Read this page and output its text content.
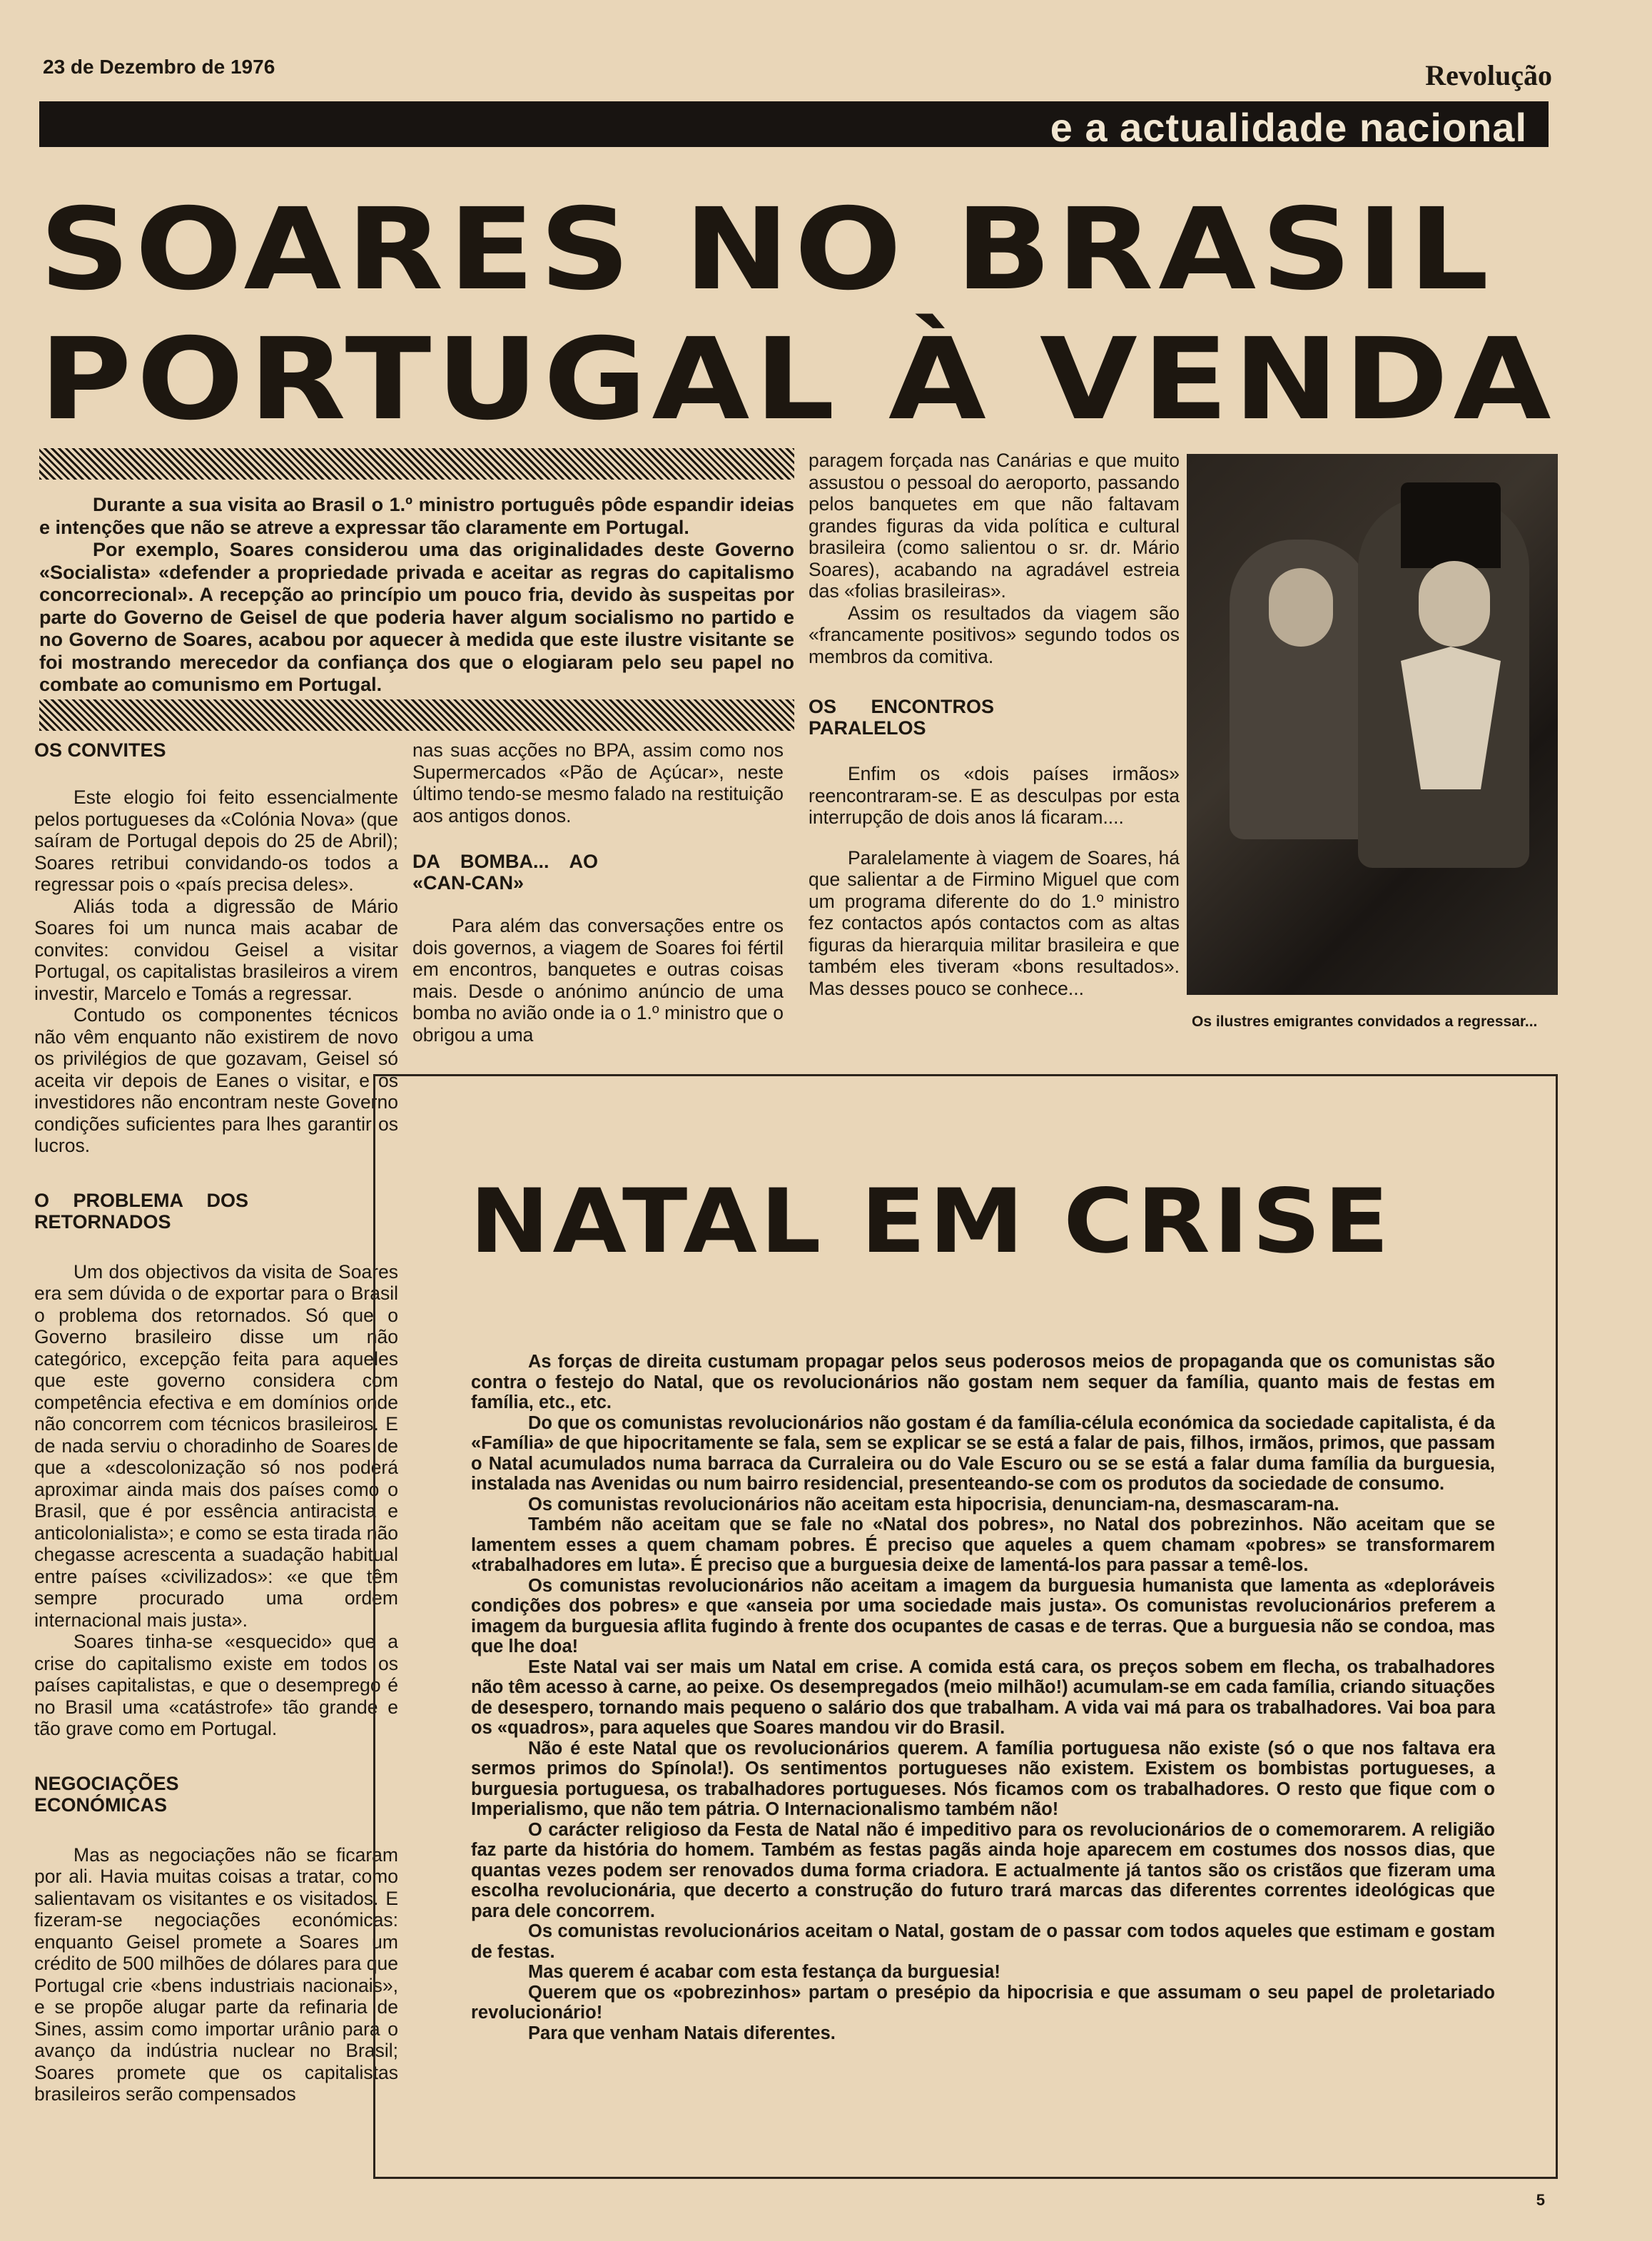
23 de Dezembro de 1976	Revolução
e a actualidade nacional
SOARES NO BRASIL
PORTUGAL À VENDA

Durante a sua visita ao Brasil o 1.º ministro português pôde espandir ideias e intenções que não se atreve a expressar tão claramente em Portugal.

Por exemplo, Soares considerou uma das originalidades deste Governo «Socialista» «defender a propriedade privada e aceitar as regras do capitalismo concorrecional». A recepção ao princípio um pouco fria, devido às suspeitas por parte do Governo de Geisel de que poderia haver algum socialismo no partido e no Governo de Soares, acabou por aquecer à medida que este ilustre visitante se foi mostrando merecedor da confiança dos que o elogiaram pelo seu papel no combate ao comunismo em Portugal.

OS CONVITES

Este elogio foi feito essencialmente pelos portugueses da «Colónia Nova» (que saíram de Portugal depois do 25 de Abril); Soares retribui convidando-os todos a regressar pois o «país precisa deles».

Aliás toda a digressão de Mário Soares foi um nunca mais acabar de convites: convidou Geisel a visitar Portugal, os capitalistas brasileiros a virem investir, Marcelo e Tomás a regressar.

Contudo os componentes técnicos não vêm enquanto não existirem de novo os privilégios de que gozavam, Geisel só aceita vir depois de Eanes o visitar, e os investidores não encontram neste Governo condições suficientes para lhes garantir os lucros.

O PROBLEMA DOS RETORNADOS

Um dos objectivos da visita de Soares era sem dúvida o de exportar para o Brasil o problema dos retornados. Só que o Governo brasileiro disse um não categórico, excepção feita para aqueles que este governo considera com competência efectiva e em domínios onde não concorrem com técnicos brasileiros. E de nada serviu o choradinho de Soares de que a «descolonização só nos poderá aproximar ainda mais dos países como o Brasil, que é por essência antiracista e anticolonialista»; e como se esta tirada não chegasse acrescenta a suadação habitual entre países «civilizados»: «e que têm sempre procurado uma ordem internacional mais justa».

Soares tinha-se «esquecido» que a crise do capitalismo existe em todos os países capitalistas, e que o desemprego é no Brasil uma «catástrofe» tão grande e tão grave como em Portugal.

NEGOCIAÇÕES ECONÓMICAS

Mas as negociações não se ficaram por ali. Havia muitas coisas a tratar, como salientavam os visitantes e os visitados. E fizeram-se negociações económicas: enquanto Geisel promete a Soares um crédito de 500 milhões de dólares para que Portugal crie «bens industriais nacionais», e se propõe alugar parte da refinaria de Sines, assim como importar urânio para o avanço da indústria nuclear no Brasil; Soares promete que os capitalistas brasileiros serão compensados

nas suas acções no BPA, assim como nos Supermercados «Pão de Açúcar», neste último tendo-se mesmo falado na restituição aos antigos donos.

DA BOMBA... AO «CAN-CAN»

Para além das conversações entre os dois governos, a viagem de Soares foi fértil em encontros, banquetes e outras coisas mais. Desde o anónimo anúncio de uma bomba no avião onde ia o 1.º ministro que o obrigou a uma

paragem forçada nas Canárias e que muito assustou o pessoal do aeroporto, passando pelos banquetes em que não faltavam grandes figuras da vida política e cultural brasileira (como salientou o sr. dr. Mário Soares), acabando na agradável estreia das «folias brasileiras».

Assim os resultados da viagem são «francamente positivos» segundo todos os membros da comitiva.

OS ENCONTROS PARALELOS

Enfim os «dois países irmãos» reencontraram-se. E as desculpas por esta interrupção de dois anos lá ficaram....

Paralelamente à viagem de Soares, há que salientar a de Firmino Miguel que com um programa diferente do do 1.º ministro fez contactos após contactos com as altas figuras da hierarquia militar brasileira e que também eles tiveram «bons resultados». Mas desses pouco se conhece...

Os ilustres emigrantes convidados a regressar...
NATAL EM CRISE

As forças de direita custumam propagar pelos seus poderosos meios de propaganda que os comunistas são contra o festejo do Natal, que os revolucionários não gostam nem sequer da família, quanto mais de festas em família, etc., etc.

Do que os comunistas revolucionários não gostam é da família-célula económica da sociedade capitalista, é da «Família» de que hipocritamente se fala, sem se explicar se se está a falar de pais, filhos, irmãos, primos, que passam o Natal acumulados numa barraca da Curraleira ou do Vale Escuro ou se se está a falar duma família da burguesia, instalada nas Avenidas ou num bairro residencial, presenteando-se com os produtos da sociedade de consumo.

Os comunistas revolucionários não aceitam esta hipocrisia, denunciam-na, desmascaram-na.

Também não aceitam que se fale no «Natal dos pobres», no Natal dos pobrezinhos. Não aceitam que se lamentem esses a quem chamam pobres. É preciso que aqueles a quem chamam «pobres» se transformarem «trabalhadores em luta». É preciso que a burguesia deixe de lamentá-los para passar a temê-los.

Os comunistas revolucionários não aceitam a imagem da burguesia humanista que lamenta as «deploráveis condições dos pobres» e que «anseia por uma sociedade mais justa». Os comunistas revolucionários preferem a imagem da burguesia aflita fugindo à frente dos ocupantes de casas e de terras. Que a burguesia não se condoa, mas que lhe doa!

Este Natal vai ser mais um Natal em crise. A comida está cara, os preços sobem em flecha, os trabalhadores não têm acesso à carne, ao peixe. Os desempregados (meio milhão!) acumulam-se em cada família, criando situações de desespero, tornando mais pequeno o salário dos que trabalham. A vida vai má para os trabalhadores. Vai boa para os «quadros», para aqueles que Soares mandou vir do Brasil.

Não é este Natal que os revolucionários querem. A família portuguesa não existe (só o que nos faltava era sermos primos do Spínola!). Os sentimentos portugueses não existem. Existem os bombistas portugueses, a burguesia portuguesa, os trabalhadores portugueses. Nós ficamos com os trabalhadores. O resto que fique com o Imperialismo, que não tem pátria. O Internacionalismo também não!

O carácter religioso da Festa de Natal não é impeditivo para os revolucionários de o comemorarem. A religião faz parte da história do homem. Também as festas pagãs ainda hoje aparecem em costumes dos nossos dias, que quantas vezes podem ser renovados duma forma criadora. E actualmente já tantos são os cristãos que fizeram uma escolha revolucionária, que decerto a construção do futuro trará marcas das diferentes correntes ideológicas que para dele concorrem.

Os comunistas revolucionários aceitam o Natal, gostam de o passar com todos aqueles que estimam e gostam de festas.

Mas querem é acabar com esta festança da burguesia!

Querem que os «pobrezinhos» partam o presépio da hipocrisia e que assumam o seu papel de proletariado revolucionário!

Para que venham Natais diferentes.

5
